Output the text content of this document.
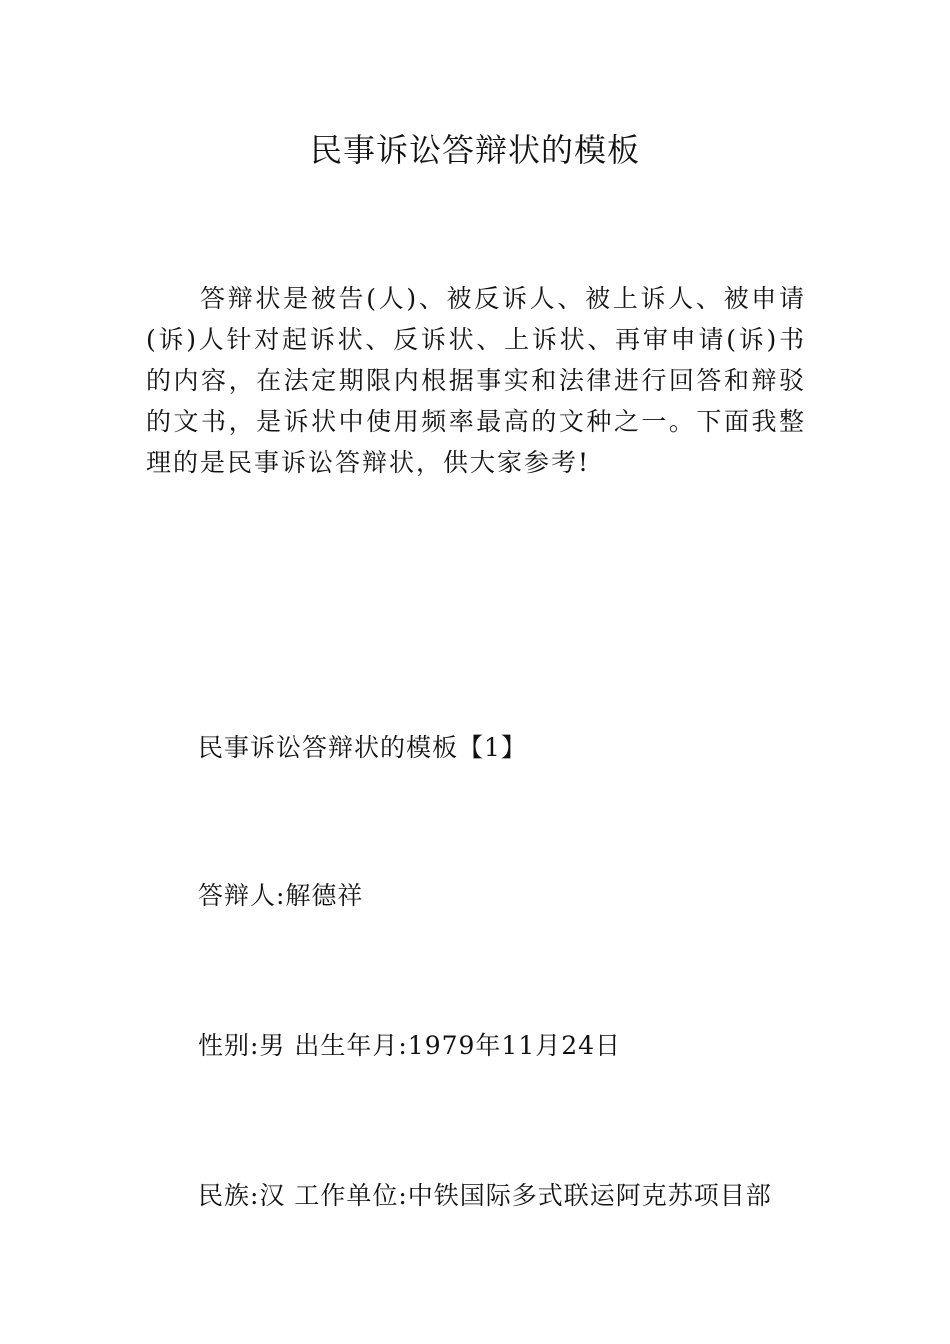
民事诉讼答辩状的模板

答辩状是被告(人)、被反诉人、被上诉人、被申请(诉)人针对起诉状、反诉状、上诉状、再审申请(诉)书的内容，在法定期限内根据事实和法律进行回答和辩驳的文书，是诉状中使用频率最高的文种之一。下面我整理的是民事诉讼答辩状，供大家参考!

民事诉讼答辩状的模板【1】

答辩人:解德祥

性别:男 出生年月:1979年11月24日

民族:汉 工作单位:中铁国际多式联运阿克苏项目部
